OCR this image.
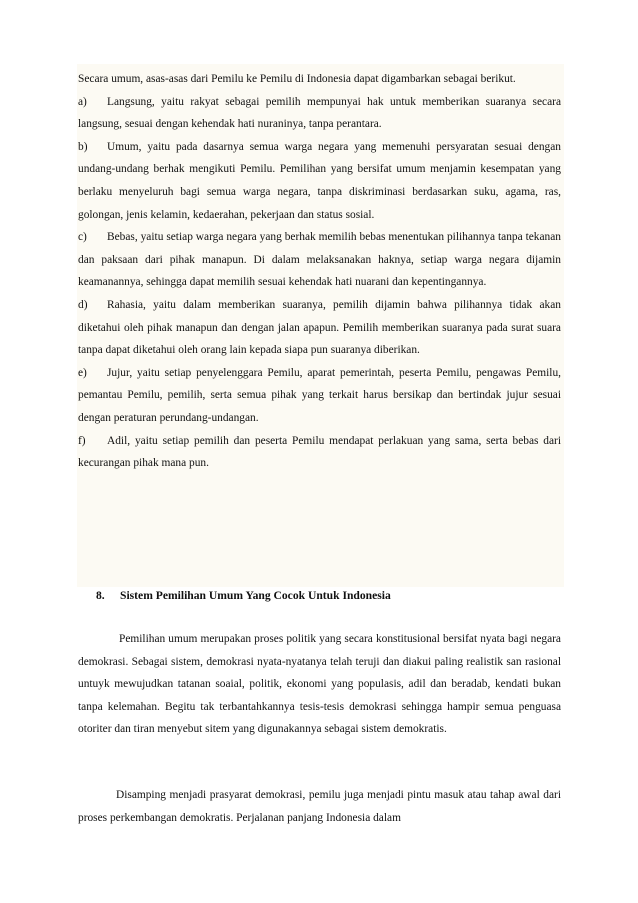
Secara umum, asas-asas dari Pemilu ke Pemilu di Indonesia dapat digambarkan sebagai berikut.

a) Langsung, yaitu rakyat sebagai pemilih mempunyai hak untuk memberikan suaranya secara langsung, sesuai dengan kehendak hati nuraninya, tanpa perantara.

b) Umum, yaitu pada dasarnya semua warga negara yang memenuhi persyaratan sesuai dengan undang-undang berhak mengikuti Pemilu. Pemilihan yang bersifat umum menjamin kesempatan yang berlaku menyeluruh bagi semua warga negara, tanpa diskriminasi berdasarkan suku, agama, ras, golongan, jenis kelamin, kedaerahan, pekerjaan dan status sosial.

c) Bebas, yaitu setiap warga negara yang berhak memilih bebas menentukan pilihannya tanpa tekanan dan paksaan dari pihak manapun. Di dalam melaksanakan haknya, setiap warga negara dijamin keamanannya, sehingga dapat memilih sesuai kehendak hati nuarani dan kepentingannya.

d) Rahasia, yaitu dalam memberikan suaranya, pemilih dijamin bahwa pilihannya tidak akan diketahui oleh pihak manapun dan dengan jalan apapun. Pemilih memberikan suaranya pada surat suara tanpa dapat diketahui oleh orang lain kepada siapa pun suaranya diberikan.

e) Jujur, yaitu setiap penyelenggara Pemilu, aparat pemerintah, peserta Pemilu, pengawas Pemilu, pemantau Pemilu, pemilih, serta semua pihak yang terkait harus bersikap dan bertindak jujur sesuai dengan peraturan perundang-undangan.

f) Adil, yaitu setiap pemilih dan peserta Pemilu mendapat perlakuan yang sama, serta bebas dari kecurangan pihak mana pun.

8. Sistem Pemilihan Umum Yang Cocok Untuk Indonesia

Pemilihan umum merupakan proses politik yang secara konstitusional bersifat nyata bagi negara demokrasi. Sebagai sistem, demokrasi nyata-nyatanya telah teruji dan diakui paling realistik san rasional untuyk mewujudkan tatanan soaial, politik, ekonomi yang populasis, adil dan beradab, kendati bukan tanpa kelemahan. Begitu tak terbantahkannya tesis-tesis demokrasi sehingga hampir semua penguasa otoriter dan tiran menyebut sitem yang digunakannya sebagai sistem demokratis.

Disamping menjadi prasyarat demokrasi, pemilu juga menjadi pintu masuk atau tahap awal dari proses perkembangan demokratis. Perjalanan panjang Indonesia dalam
